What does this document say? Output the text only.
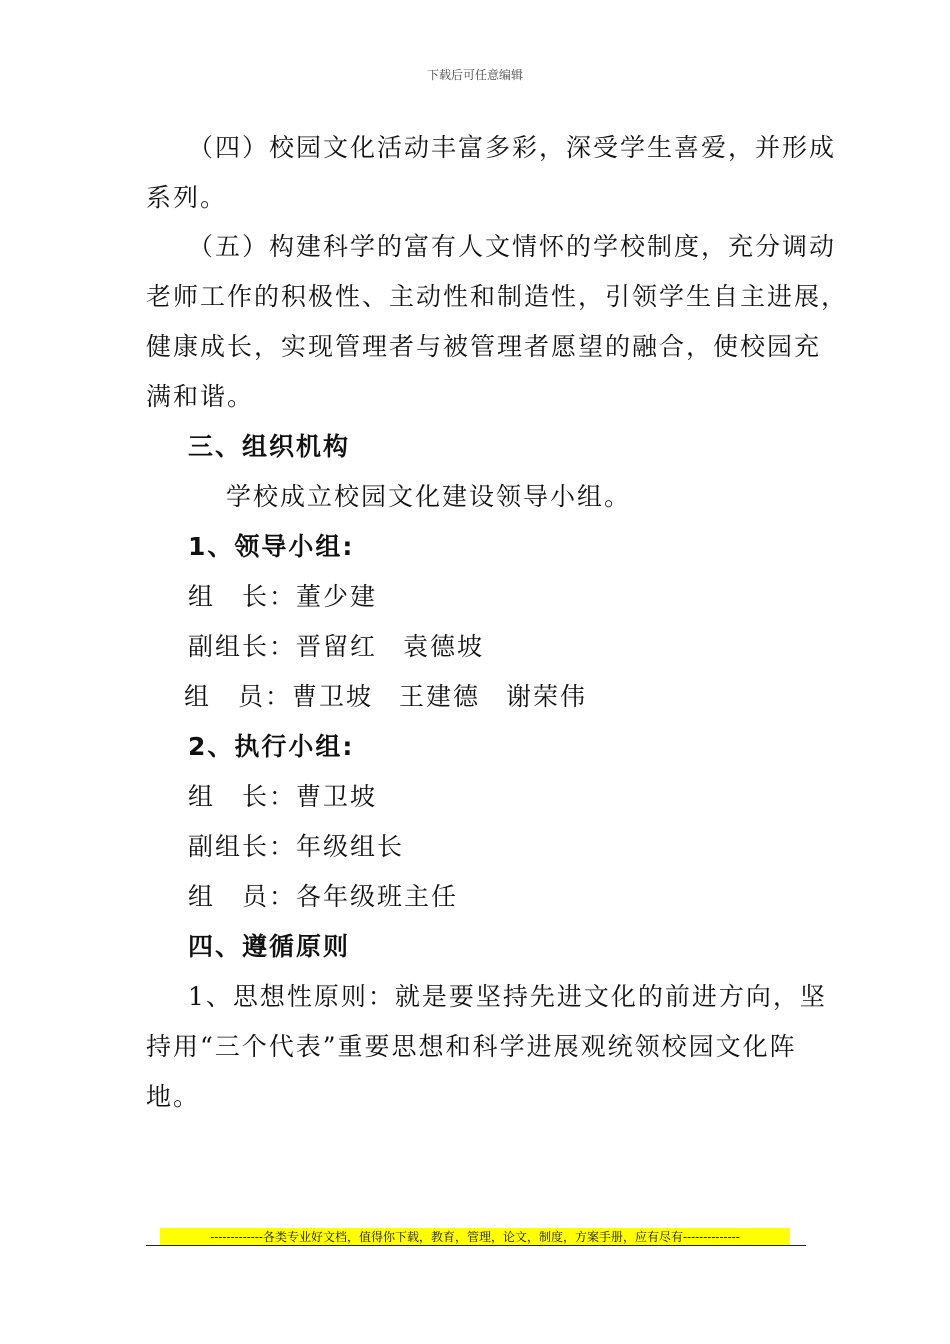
下载后可任意编辑
（四）校园文化活动丰富多彩，深受学生喜爱，并形成
系列。
（五）构建科学的富有人文情怀的学校制度，充分调动
老师工作的积极性、主动性和制造性，引领学生自主进展，
健康成长，实现管理者与被管理者愿望的融合，使校园充
满和谐。
三、组织机构
学校成立校园文化建设领导小组。
1、领导小组:
组　长：董少建
副组长：晋留红 袁德坡
组　员：曹卫坡 王建德 谢荣伟
2、执行小组:
组　长：曹卫坡
副组长：年级组长
组　员：各年级班主任
四、遵循原则
1、思想性原则：就是要坚持先进文化的前进方向，坚
持用“三个代表”重要思想和科学进展观统领校园文化阵
地。
-------------各类专业好文档，值得你下载，教育，管理，论文，制度，方案手册，应有尽有--------------
